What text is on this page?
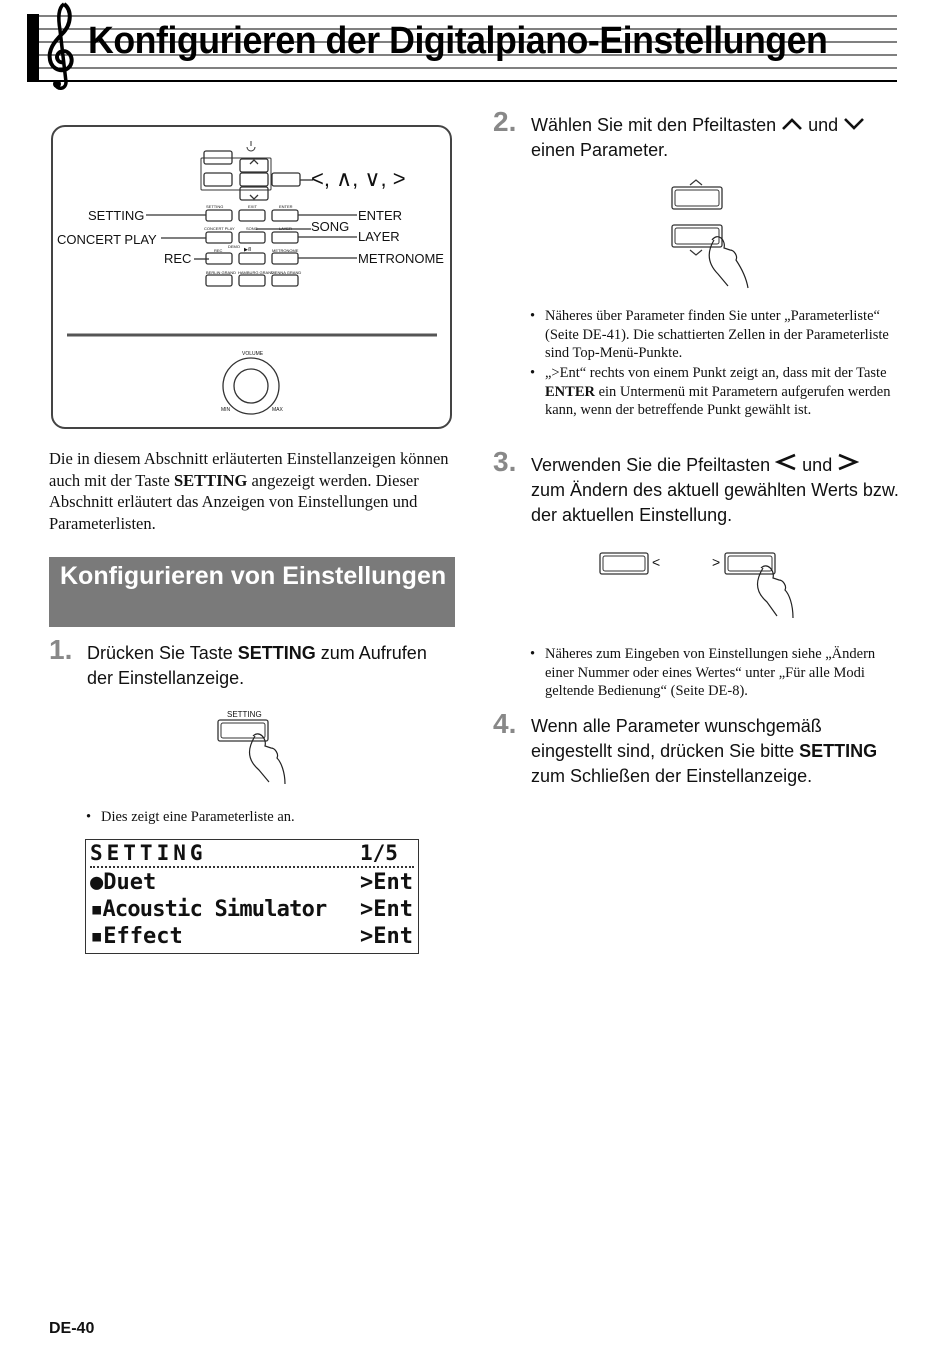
Konfigurieren der Digitalpiano-Einstellungen
<, ∧, ∨, >
SETTING
CONCERT PLAY
REC
ENTER
SONG
LAYER
METRONOME
SETTING	EXIT	ENTER
CONCERT PLAY	SONG	LAYER
REC
DEMO
▶/‖	METRONOME
BERLIN GRAND HAMBURG GRAND
VIENNA GRAND
VOLUME
MIN	MAX
Die in diesem Abschnitt erläuterten Einstellanzeigen können auch mit der Taste SETTING angezeigt werden. Dieser Abschnitt erläutert das Anzeigen von Einstellungen und Parameterlisten.
Konfigurieren von Einstellungen
1. Drücken Sie Taste SETTING zum Aufrufen der Einstellanzeige.
SETTING
• Dies zeigt eine Parameterliste an.
SETTING	1/5
●Duet	>Ent
▪Acoustic Simulator >Ent
▪Effect	>Ent
2. Wählen Sie mit den Pfeiltasten  und
einen Parameter.
• Näheres über Parameter finden Sie unter „Parameterliste“ (Seite DE-41). Die schattierten Zellen in der Parameterliste sind Top-Menü-Punkte.
• „>Ent“ rechts von einem Punkt zeigt an, dass mit der Taste ENTER ein Untermenü mit Parametern aufgerufen werden kann, wenn der betreffende Punkt gewählt ist.
3. Verwenden Sie die Pfeiltasten  und
zum Ändern des aktuell gewählten Werts bzw. der aktuellen Einstellung.
<	>
• Näheres zum Eingeben von Einstellungen siehe „Ändern einer Nummer oder eines Wertes“ unter „Für alle Modi geltende Bedienung“ (Seite DE-8).
4. Wenn alle Parameter wunschgemäß eingestellt sind, drücken Sie bitte SETTING zum Schließen der Einstellanzeige.
DE-40
